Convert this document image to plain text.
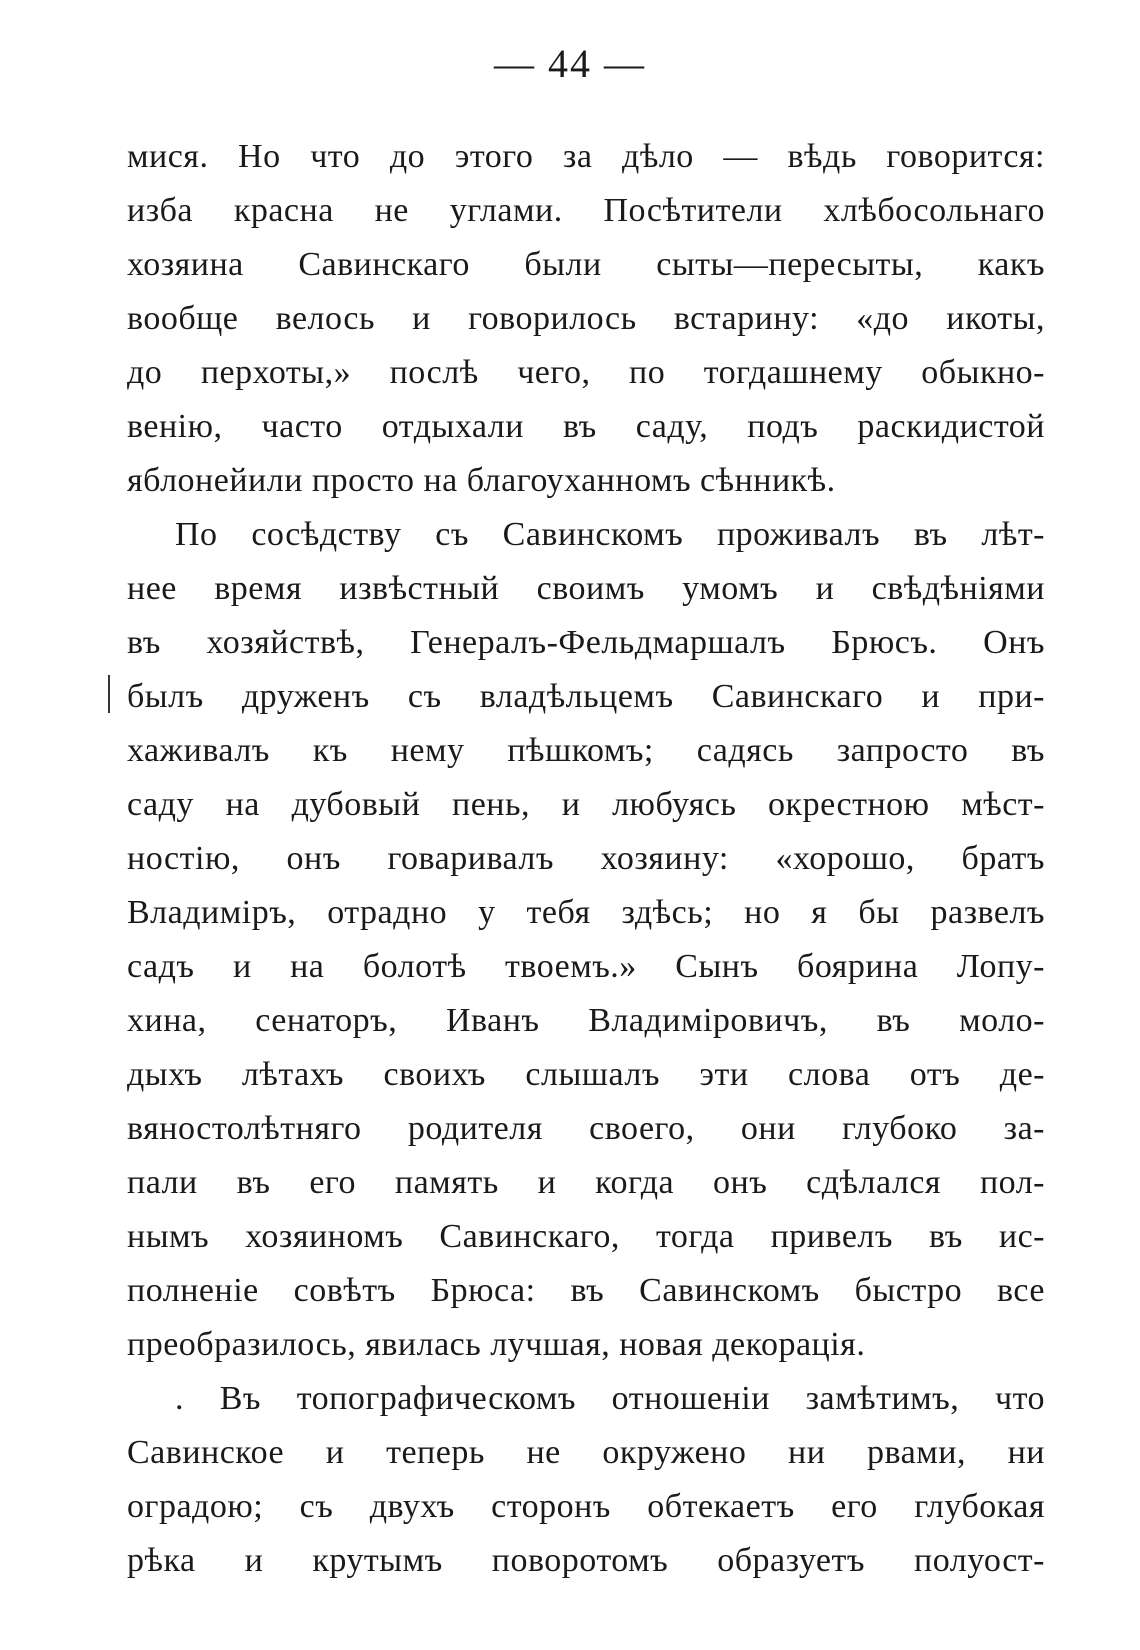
— 44 —
мися. Но что до этого за дѣло — вѣдь говорится:
изба красна не углами. Посѣтители хлѣбосольнаго
хозяина Савинскаго были сыты—пересыты, какъ
вообще велось и говорилось встарину: «до икоты,
до перхоты,» послѣ чего, по тогдашнему обыкно-
венію, часто отдыхали въ саду, подъ раскидистой
яблонейили просто на благоуханномъ сѣнникѣ.
По сосѣдству съ Савинскомъ проживалъ въ лѣт-
нее время извѣстный своимъ умомъ и свѣдѣніями
въ хозяйствѣ, Генералъ-Фельдмаршалъ Брюсъ. Онъ
былъ друженъ съ владѣльцемъ Савинскаго и при-
хаживалъ къ нему пѣшкомъ; садясь запросто въ
саду на дубовый пень, и любуясь окрестною мѣст-
ностію, онъ говаривалъ хозяину: «хорошо, братъ
Владиміръ, отрадно у тебя здѣсь; но я бы развелъ
садъ и на болотѣ твоемъ.» Сынъ боярина Лопу-
хина, сенаторъ, Иванъ Владиміровичъ, въ моло-
дыхъ лѣтахъ своихъ слышалъ эти слова отъ де-
вяностолѣтняго родителя своего, они глубоко за-
пали въ его память и когда онъ сдѣлался пол-
нымъ хозяиномъ Савинскаго, тогда привелъ въ ис-
полненіе совѣтъ Брюса: въ Савинскомъ быстро все
преобразилось, явилась лучшая, новая декорація.
. Въ топографическомъ отношеніи замѣтимъ, что
Савинское и теперь не окружено ни рвами, ни
оградою; съ двухъ сторонъ обтекаетъ его глубокая
рѣка и крутымъ поворотомъ образуетъ полуост-
